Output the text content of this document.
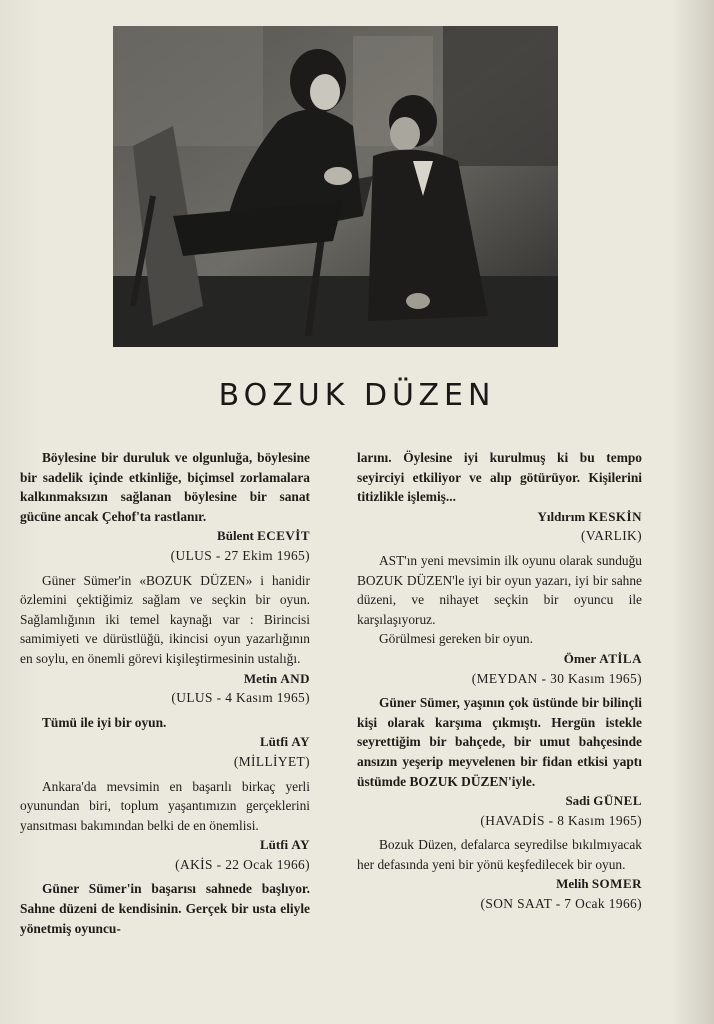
BOZUK DÜZEN

Böylesine bir duruluk ve olgunluğa, böylesine bir sadelik içinde etkinliğe, biçimsel zorlamalara kalkınmaksızın sağlanan böylesine bir sanat gücüne ancak Çehof'ta rastlanır.

Bülent ECEVİT

(ULUS - 27 Ekim 1965)

Güner Sümer'in «BOZUK DÜZEN» i hanidir özlemini çektiğimiz sağlam ve seçkin bir oyun. Sağlamlığının iki temel kaynağı var : Birincisi samimiyeti ve dürüstlüğü, ikincisi oyun yazarlığının en soylu, en önemli görevi kişileştirmesinin ustalığı.

Metin AND

(ULUS - 4 Kasım 1965)

Tümü ile iyi bir oyun.

Lütfi AY

(MİLLİYET)

Ankara'da mevsimin en başarılı birkaç yerli oyunundan biri, toplum yaşantımızın gerçeklerini yansıtması bakımından belki de en önemlisi.

Lütfi AY

(AKİS - 22 Ocak 1966)

Güner Sümer'in başarısı sahnede başlıyor. Sahne düzeni de kendisinin. Gerçek bir usta eliyle yönetmiş oyuncu-

larını. Öylesine iyi kurulmuş ki bu tempo seyirciyi etkiliyor ve alıp götürüyor. Kişilerini titizlikle işlemiş...

Yıldırım KESKİN

(VARLIK)

AST'ın yeni mevsimin ilk oyunu olarak sunduğu BOZUK DÜZEN'le iyi bir oyun yazarı, iyi bir sahne düzeni, ve nihayet seçkin bir oyuncu ile karşılaşıyoruz.

Görülmesi gereken bir oyun.

Ömer ATİLA

(MEYDAN - 30 Kasım 1965)

Güner Sümer, yaşının çok üstünde bir bilinçli kişi olarak karşıma çıkmıştı. Hergün istekle seyrettiğim bir bahçede, bir umut bahçesinde ansızın yeşerip meyvelenen bir fidan etkisi yaptı üstümde BOZUK DÜZEN'iyle.

Sadi GÜNEL

(HAVADİS - 8 Kasım 1965)

Bozuk Düzen, defalarca seyredilse bıkılmıyacak her defasında yeni bir yönü keşfedilecek bir oyun.

Melih SOMER

(SON SAAT - 7 Ocak 1966)
